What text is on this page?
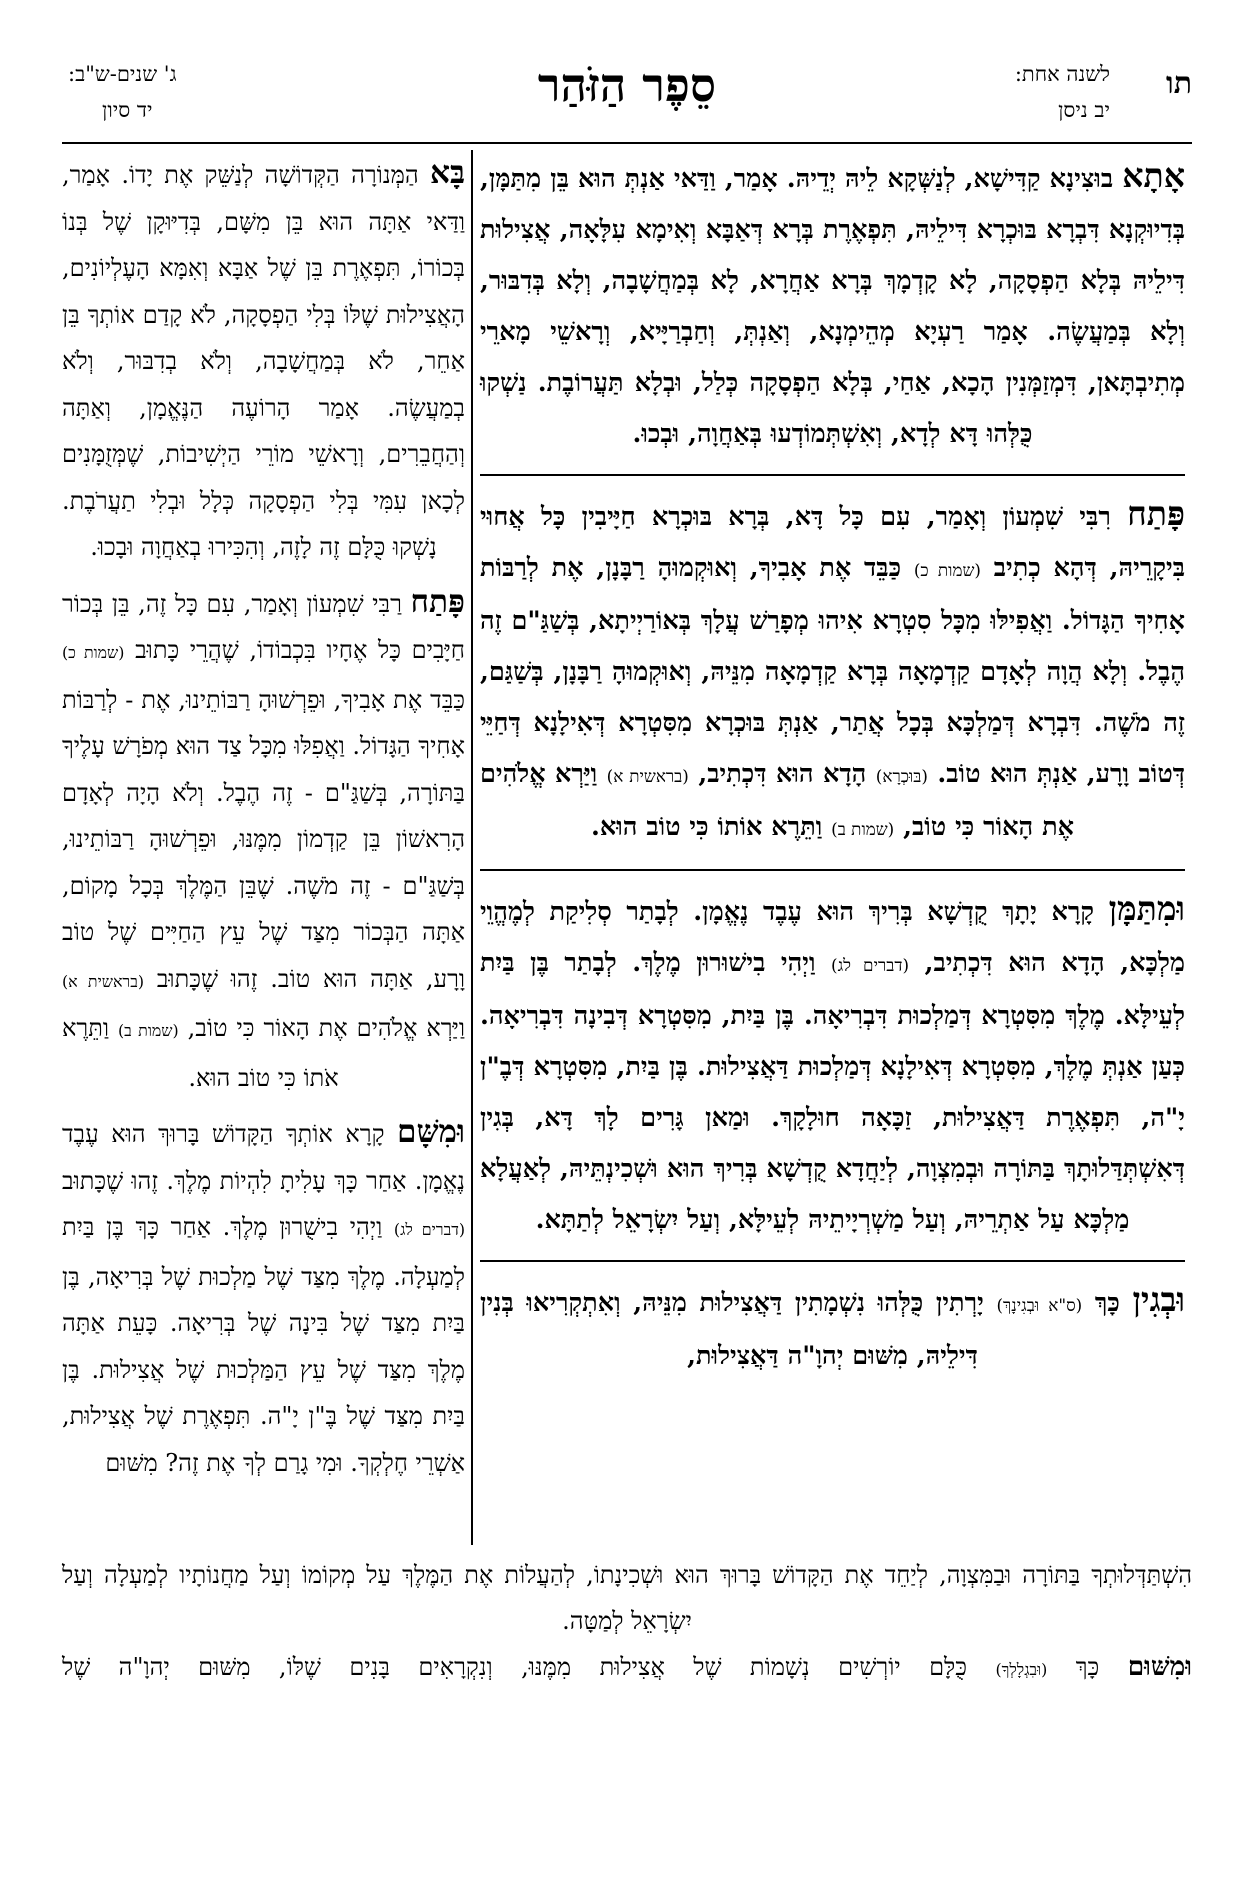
תו
לשנה אחת:
יב ניסן
סֵפֶר הַזֹּהַר
ג' שנים-ש"ב:
יד סיון

אָתָא בוּצִינָא קַדִּישָׁא, לְנַשְּׁקָא לֵיהּ יְדֵיהּ. אָמַר, וַדַּאי אַנְתְּ הוּא בֵּן מִתַּמָּן, בְּדִיוּקְנָא דִּבְרָא בּוּכְרָא דִּילֵיהּ, תִּפְאֶרֶת בְּרָא דְּאַבָּא וְאִימָא עִלָּאָה, אֲצִילוּת דִּילֵיהּ בְּלָא הַפְסָקָה, לָא קָדְמָךְ בְּרָא אַחֲרָא, לָא בְּמַחֲשָׁבָה, וְלָא בְּדִבּוּר, וְלָא בְּמַעֲשֶׂה. אָמַר רַעְיָא מְהֵימְנָא, וְאַנְתְּ, וְחַבְרַיָּיא, וְרָאשֵׁי מָארֵי מְתִיבְתָּאן, דִּמְזַמְּנִין הָכָא, אַחַי, בְּלָא הַפְסָקָה כְּלַל, וּבְלָא תַּעֲרוֹבֶת. נַשְׁקוּ כֻּלְּהוּ דָּא לְדָא, וְאִשְׁתְּמוֹדְעוּ בְּאַחֲוָה, וּבְכוּ.

פָּתַח רִבִּי שִׁמְעוֹן וְאָמַר, עִם כָּל דָּא, בְּרָא בּוּכְרָא חַיָּיבִין כָּל אֲחוּי בִּיקָרֵיהּ, דְּהָא כְתִיב (שמות כ) כַּבֵּד אֶת אָבִיךָ, וְאוּקְמוּהָ רַבָּנָן, אֶת לְרַבּוֹת אָחִיךָ הַגָּדוֹל. וַאֲפִילּוּ מִכָּל סִטְרָא אִיהוּ מְפָרַשׁ עֲלָךְ בְּאוֹרַיְיתָא, בְּשַׁגַּ"ם זֶה הֶבֶל. וְלָא הֲוָה לְאָדָם קַדְמָאָה בְּרָא קַדְמָאָה מִנֵּיהּ, וְאוּקְמוּהָ רַבָּנָן, בְּשַׁגַּם, זֶה מֹשֶׁה. דִּבְרָא דְּמַלְכָּא בְּכָל אֲתַר, אַנְתְּ בּוּכְרָא מִסִּטְרָא דְּאִילָנָא דְּחַיֵּי דְּטוֹב וָרָע, אַנְתְּ הוּא טוֹב. (בּוּכְרָא) הָדָא הוּא דִּכְתִיב, (בראשית א) וַיַּרְא אֱלֹהִים אֶת הָאוֹר כִּי טוֹב, (שמות ב) וַתֵּרֶא אוֹתוֹ כִּי טוֹב הוּא.

וּמִתַּמָּן קָרָא יָתָךְ קֻדְשָׁא בְּרִיךְ הוּא עֶבֶד נֶאֱמָן. לְבָתַר סְלִיקַת לְמֶהֱוֵי מַלְכָּא, הָדָא הוּא דִּכְתִיב, (דברים לג) וַיְהִי בִישׁוּרוּן מֶלֶךְ. לְבָתַר בֶּן בַּיִת לְעֵילָּא. מֶלֶךְ מִסִּטְרָא דְּמַלְכוּת דִּבְרִיאָה. בֶּן בַּיִת, מִסִּטְרָא דְּבִינָה דִּבְרִיאָה. כְּעַן אַנְתְּ מֶלֶךְ, מִסִּטְרָא דְּאִילָנָא דְּמַלְכוּת דַּאֲצִילוּת. בֶּן בַּיִת, מִסִּטְרָא דְּבֶ"ן יָ"ה, תִּפְאֶרֶת דַּאֲצִילוּת, זַכָּאָה חוּלָקָךְ. וּמַאן גָּרִים לָךְ דָּא, בְּגִין דְּאִשְׁתְּדַּלוּתָךְ בַּתּוֹרָה וּבְמִצְוָה, לְיַחֲדָא קֻדְשָׁא בְּרִיךְ הוּא וּשְׁכִינְתֵּיהּ, לְאַעֲלָא מַלְכָּא עַל אַתְרֵיהּ, וְעַל מַשְׁרְיָיתֵיהּ לְעֵילָּא, וְעַל יִשְׂרָאֵל לְתַתָּא.

וּבְגִין כָּךְ (ס"א וּבְגִינָךְ) יָרְתִין כֻּלְּהוּ נִשְׁמָתִין דַּאֲצִילוּת מִנֵּיהּ, וְאִתְקְרִיאוּ בְּנִין דִּילֵיהּ, מִשּׁוּם יְהוָ"ה דַּאֲצִילוּת,

בָּא הַמְּנוֹרָה הַקְּדוֹשָׁה לְנַשֵּׁק אֶת יָדוֹ. אָמַר, וַדַּאי אַתָּה הוּא בֵּן מִשָּׁם, בְּדִיּוּקָן שֶׁל בְּנוֹ בְּכוֹרוֹ, תִּפְאֶרֶת בֵּן שֶׁל אַבָּא וְאִמָּא הָעֶלְיוֹנִים, הָאֲצִילוּת שֶׁלּוֹ בְּלִי הַפְסָקָה, לֹא קָדַם אוֹתְךָ בֵּן אַחֵר, לֹא בְּמַחֲשָׁבָה, וְלֹא בְדִבּוּר, וְלֹא בְמַעֲשֶׂה. אָמַר הָרוֹעֶה הַנֶּאֱמָן, וְאַתָּה וְהַחֲבֵרִים, וְרָאשֵׁי מוֹרֵי הַיְשִׁיבוֹת, שֶׁמְּזֻמָּנִים לְכָאן עִמִּי בְּלִי הַפְסָקָה כְּלָל וּבְלִי תַעֲרֹבֶת. נָשְׁקוּ כֻּלָּם זֶה לָזֶה, וְהִכִּירוּ בְאַחֲוָה וּבָכוּ.

פָּתַח רַבִּי שִׁמְעוֹן וְאָמַר, עִם כָּל זֶה, בֵּן בְּכוֹר חַיָּבִים כָּל אֶחָיו בִּכְבוֹדוֹ, שֶׁהֲרֵי כָּתוּב (שמות כ) כַּבֵּד אֶת אָבִיךָ, וּפֵרְשׁוּהָ רַבּוֹתֵינוּ, אֶת - לְרַבּוֹת אָחִיךָ הַגָּדוֹל. וַאֲפִלּוּ מִכָּל צַד הוּא מְפֹרָשׁ עָלֶיךָ בַּתּוֹרָה, בְּשַׁגַּ"ם - זֶה הֶבֶל. וְלֹא הָיָה לְאָדָם הָרִאשׁוֹן בֵּן קַדְמוֹן מִמֶּנּוּ, וּפֵרְשׁוּהָ רַבּוֹתֵינוּ, בְּשַׁגַּ"ם - זֶה מֹשֶׁה. שֶׁבֵּן הַמֶּלֶךְ בְּכָל מָקוֹם, אַתָּה הַבְּכוֹר מִצַּד שֶׁל עֵץ הַחַיִּים שֶׁל טוֹב וָרָע, אַתָּה הוּא טוֹב. זֶהוּ שֶׁכָּתוּב (בראשית א) וַיַּרְא אֱלֹהִים אֶת הָאוֹר כִּי טוֹב, (שמות ב) וַתֵּרֶא אֹתוֹ כִּי טוֹב הוּא.

וּמִשָּׁם קָרָא אוֹתְךָ הַקָּדוֹשׁ בָּרוּךְ הוּא עֶבֶד נֶאֱמָן. אַחַר כָּךְ עָלִיתָ לִהְיוֹת מֶלֶךְ. זֶהוּ שֶׁכָּתוּב (דברים לג) וַיְהִי בִישֻׁרוּן מֶלֶךְ. אַחַר כָּךְ בֶּן בַּיִת לְמַעְלָה. מֶלֶךְ מִצַּד שֶׁל מַלְכוּת שֶׁל בְּרִיאָה, בֶּן בַּיִת מִצַּד שֶׁל בִּינָה שֶׁל בְּרִיאָה. כָּעֵת אַתָּה מֶלֶךְ מִצַּד שֶׁל עֵץ הַמַּלְכוּת שֶׁל אֲצִילוּת. בֶּן בַּיִת מִצַּד שֶׁל בֶּ"ן יָ"ה. תִּפְאֶרֶת שֶׁל אֲצִילוּת, אַשְׁרֵי חֶלְקְךָ. וּמִי גָרַם לְךָ אֶת זֶה? מִשּׁוּם

הִשְׁתַּדְּלוּתְךָ בַּתּוֹרָה וּבַמִּצְוָה, לְיַחֵד אֶת הַקָּדוֹשׁ בָּרוּךְ הוּא וּשְׁכִינָתוֹ, לְהַעֲלוֹת אֶת הַמֶּלֶךְ עַל מְקוֹמוֹ וְעַל מַחֲנוֹתָיו לְמַעְלָה וְעַל יִשְׂרָאֵל לְמַטָּה.

וּמִשּׁוּם כָּךְ (וּבִגְלָלְךָ) כֻּלָּם יוֹרְשִׁים נְשָׁמוֹת שֶׁל אֲצִילוּת מִמֶּנּוּ, וְנִקְרָאִים בָּנִים שֶׁלּוֹ, מִשּׁוּם יְהוָ"ה שֶׁל
